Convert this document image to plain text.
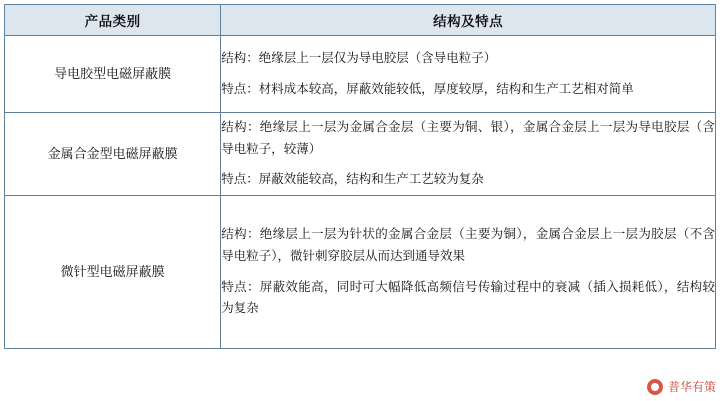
产品类别	结构及特点
导电胶型电磁屏蔽膜	结构：绝缘层上一层仅为导电胶层（含导电粒子）

特点：材料成本较高，屏蔽效能较低，厚度较厚，结构和生产工艺相对简单

金属合金型电磁屏蔽膜	结构：绝缘层上一层为金属合金层（主要为铜、银），金属合金层上一层为导电胶层（含导电粒子，较薄）

特点：屏蔽效能较高，结构和生产工艺较为复杂

微针型电磁屏蔽膜	结构：绝缘层上一层为针状的金属合金层（主要为铜），金属合金层上一层为胶层（不含导电粒子），微针刺穿胶层从而达到通导效果

特点：屏蔽效能高，同时可大幅降低高频信号传输过程中的衰减（插入损耗低），结构较为复杂

普华有策
